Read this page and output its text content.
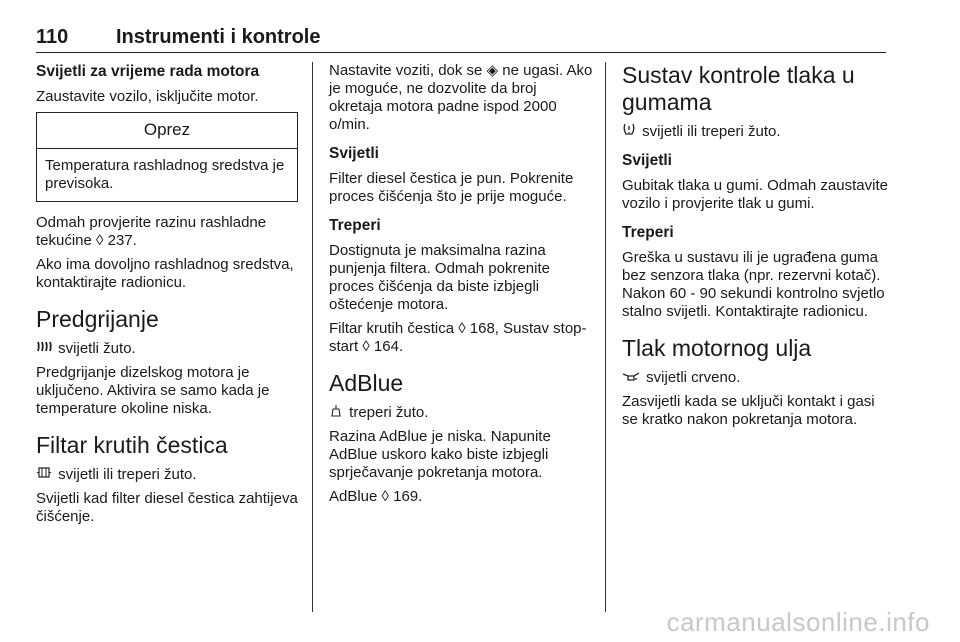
110 Instrumenti i kontrole
Svijetli za vrijeme rada motora

Zaustavite vozilo, isključite motor.

Oprez

Temperatura rashladnog sredstva je previsoka.

Odmah provjerite razinu rashladne tekućine ◊ 237.

Ako ima dovoljno rashladnog sredstva, kontaktirajte radionicu.

Predgrijanje

svijetli žuto.

Predgrijanje dizelskog motora je uključeno. Aktivira se samo kada je temperature okoline niska.

Filtar krutih čestica

svijetli ili treperi žuto.

Svijetli kad filter diesel čestica zahtijeva čišćenje.

Nastavite voziti, dok se ◈ ne ugasi. Ako je moguće, ne dozvolite da broj okretaja motora padne ispod 2000 o/min.

Svijetli

Filter diesel čestica je pun. Pokrenite proces čišćenja što je prije moguće.

Treperi

Dostignuta je maksimalna razina punjenja filtera. Odmah pokrenite proces čišćenja da biste izbjegli oštećenje motora.

Filtar krutih čestica ◊ 168, Sustav stop-start ◊ 164.

AdBlue

treperi žuto.

Razina AdBlue je niska. Napunite AdBlue uskoro kako biste izbjegli sprječavanje pokretanja motora.

AdBlue ◊ 169.

Sustav kontrole tlaka u gumama

svijetli ili treperi žuto.

Svijetli

Gubitak tlaka u gumi. Odmah zaustavite vozilo i provjerite tlak u gumi.

Treperi

Greška u sustavu ili je ugrađena guma bez senzora tlaka (npr. rezervni kotač). Nakon 60 - 90 sekundi kontrolno svjetlo stalno svijetli. Kontaktirajte radionicu.

Tlak motornog ulja

svijetli crveno.

Zasvijetli kada se uključi kontakt i gasi se kratko nakon pokretanja motora.

carmanualsonline.info
